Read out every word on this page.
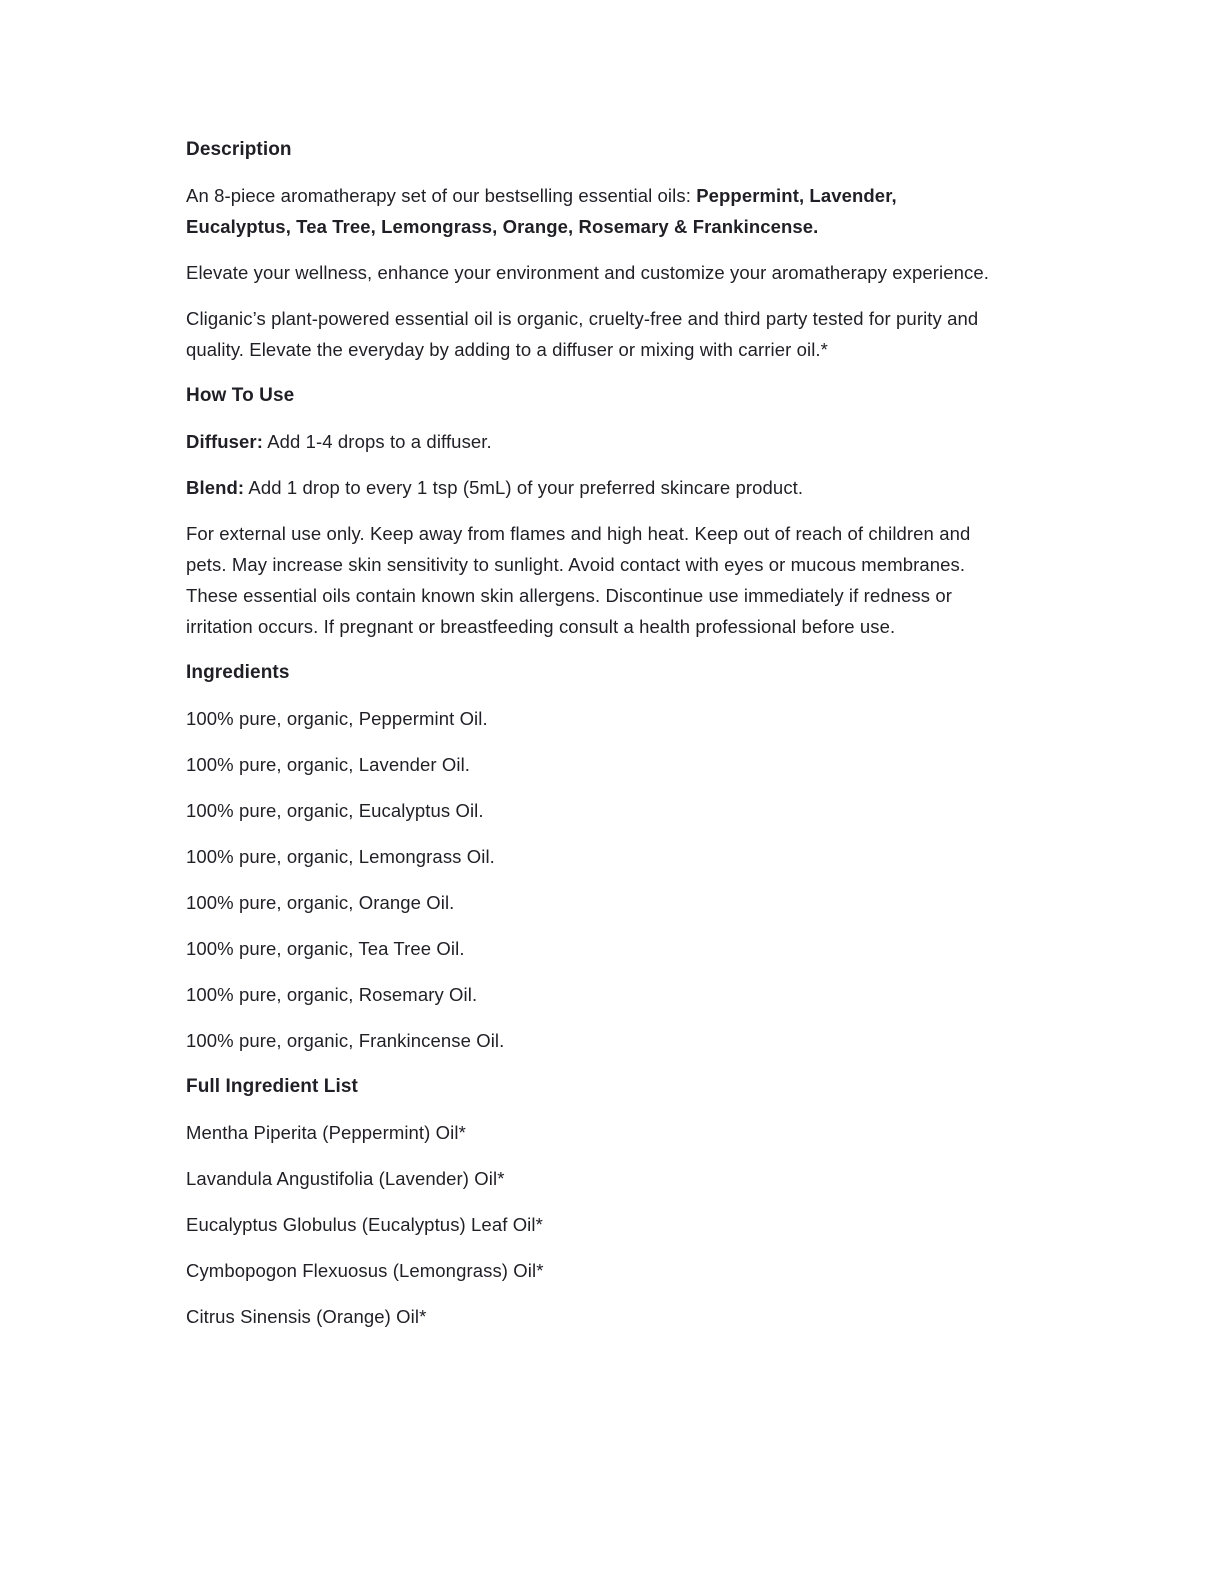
Description

An 8-piece aromatherapy set of our bestselling essential oils: Peppermint, Lavender, Eucalyptus, Tea Tree, Lemongrass, Orange, Rosemary & Frankincense.

Elevate your wellness, enhance your environment and customize your aromatherapy experience.

Cliganic’s plant-powered essential oil is organic, cruelty-free and third party tested for purity and quality. Elevate the everyday by adding to a diffuser or mixing with carrier oil.*

How To Use

Diffuser: Add 1-4 drops to a diffuser.

Blend: Add 1 drop to every 1 tsp (5mL) of your preferred skincare product.

For external use only. Keep away from flames and high heat. Keep out of reach of children and pets. May increase skin sensitivity to sunlight. Avoid contact with eyes or mucous membranes. These essential oils contain known skin allergens. Discontinue use immediately if redness or irritation occurs. If pregnant or breastfeeding consult a health professional before use.

Ingredients

100% pure, organic, Peppermint Oil.

100% pure, organic, Lavender Oil.

100% pure, organic, Eucalyptus Oil.

100% pure, organic, Lemongrass Oil.

100% pure, organic, Orange Oil.

100% pure, organic, Tea Tree Oil.

100% pure, organic, Rosemary Oil.

100% pure, organic, Frankincense Oil.

Full Ingredient List

Mentha Piperita (Peppermint) Oil*

Lavandula Angustifolia (Lavender) Oil*

Eucalyptus Globulus (Eucalyptus) Leaf Oil*

Cymbopogon Flexuosus (Lemongrass) Oil*

Citrus Sinensis (Orange) Oil*
